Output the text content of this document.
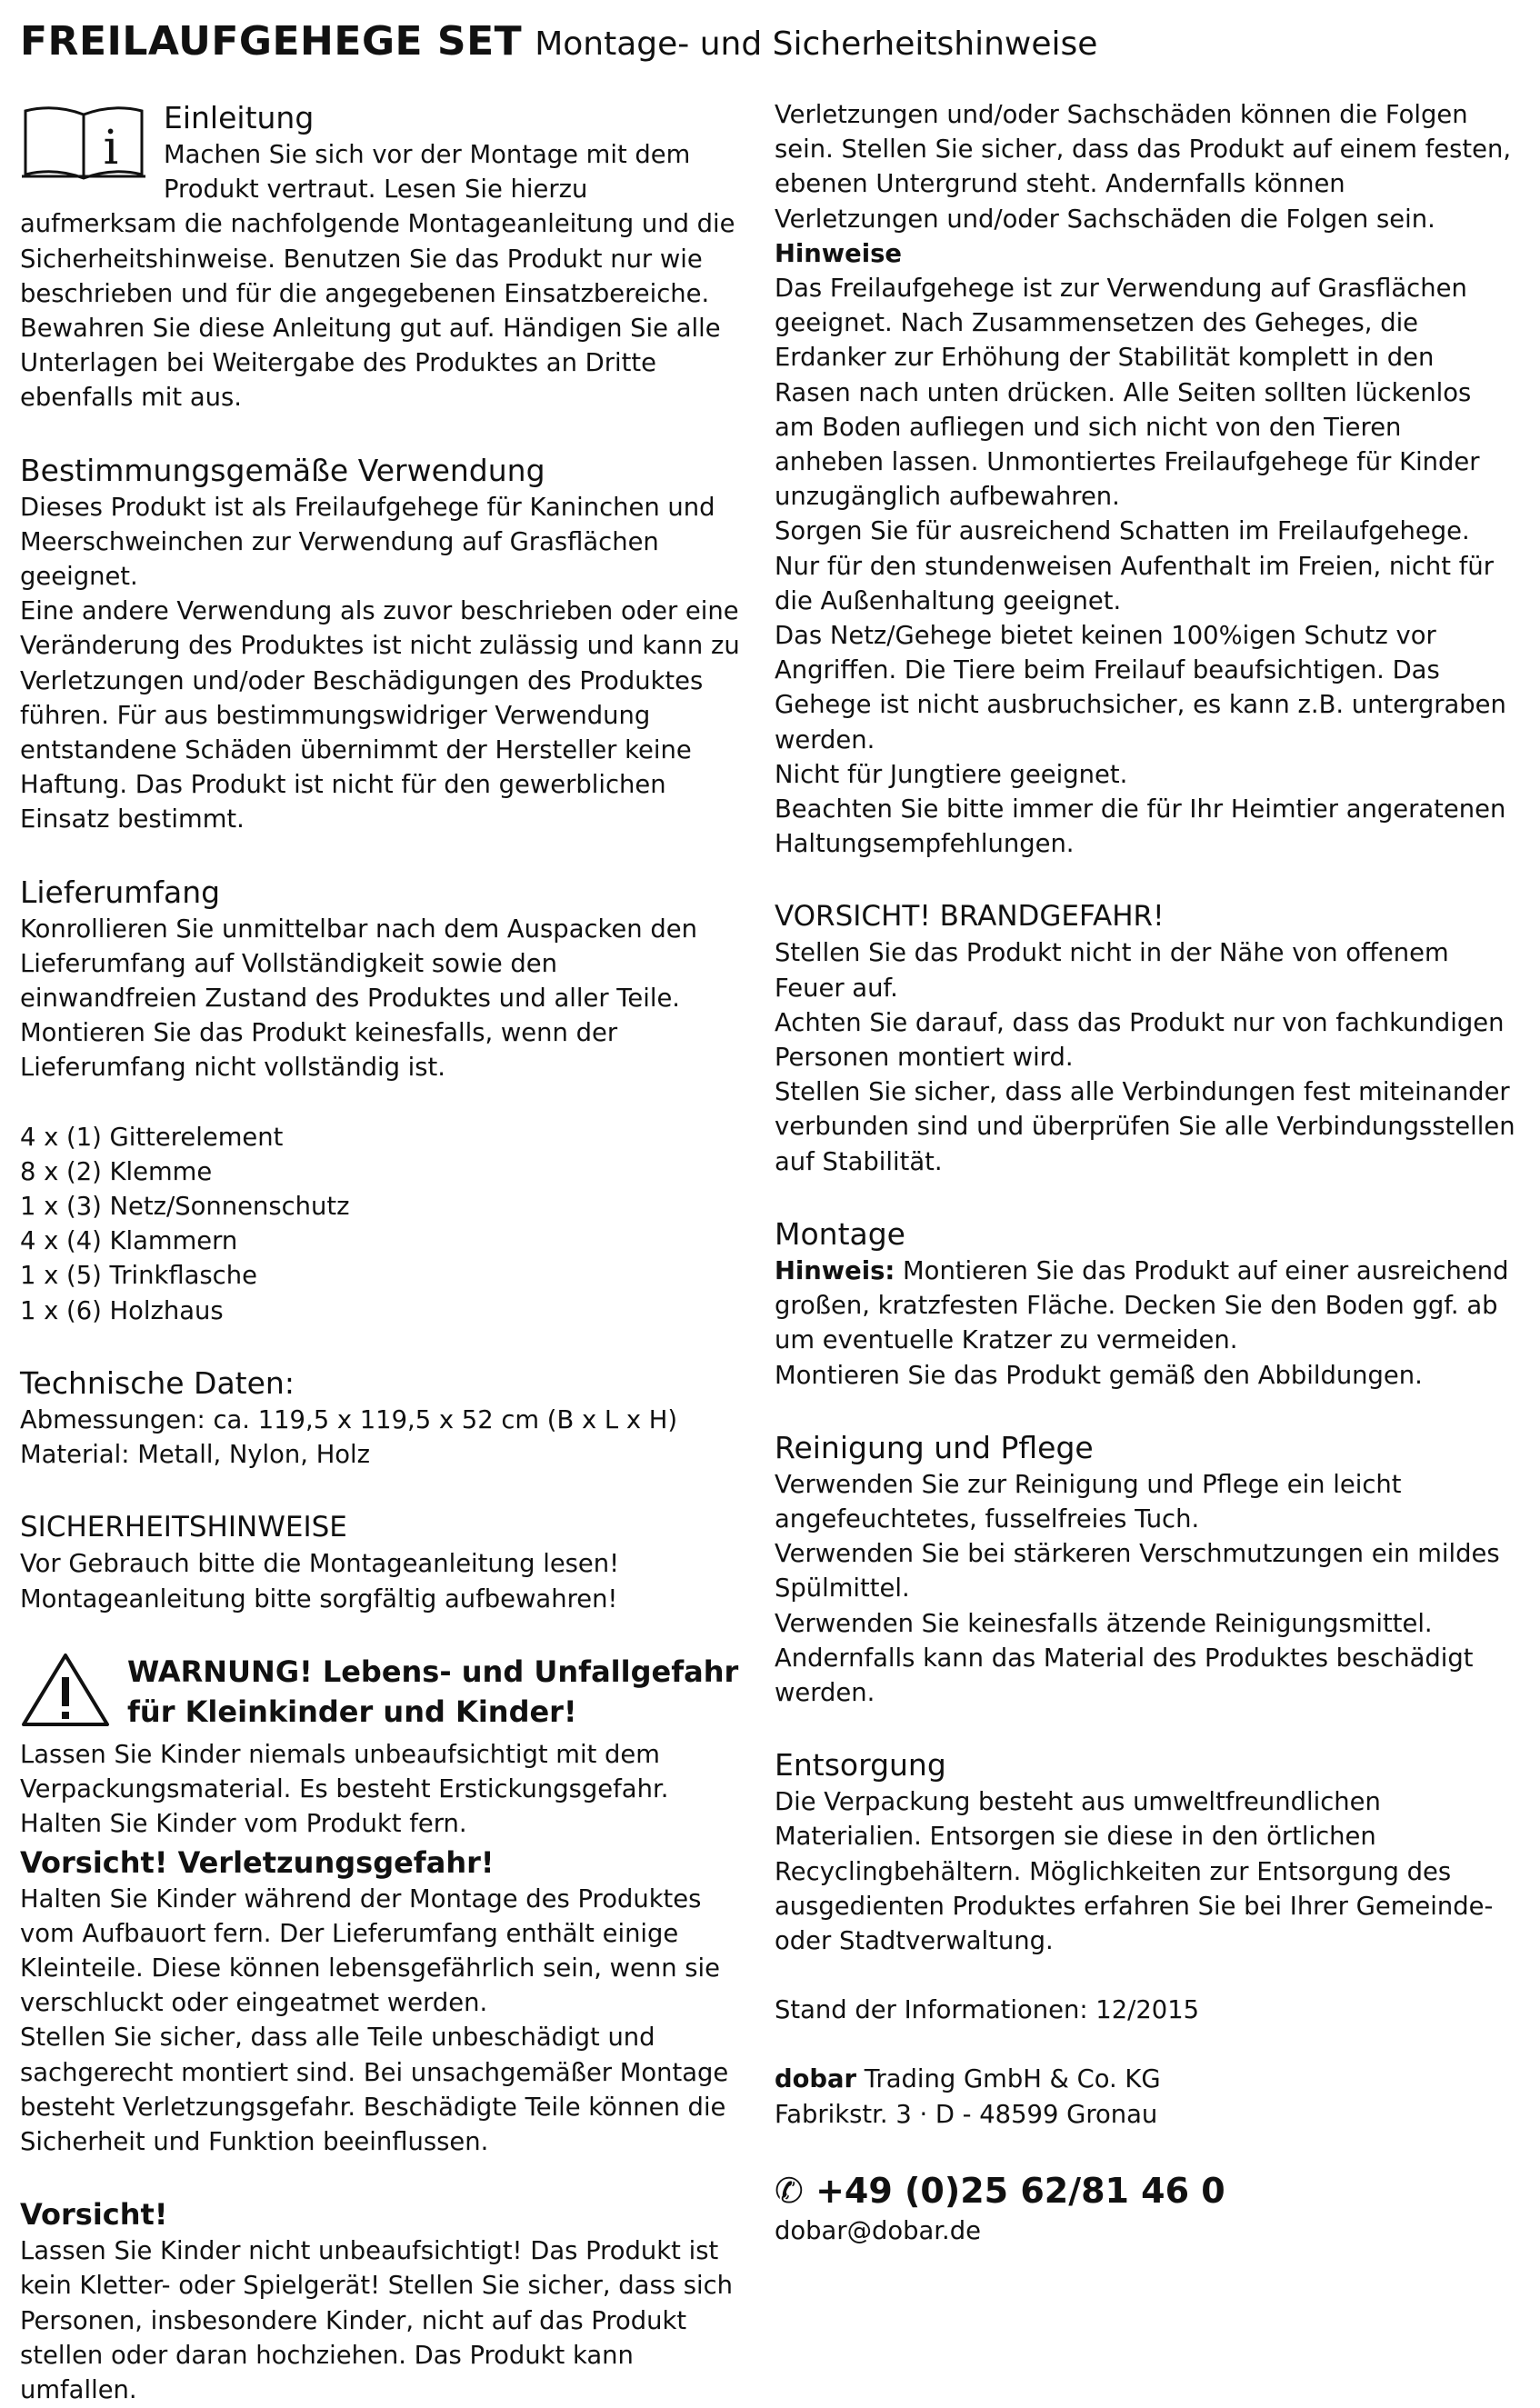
FREILAUFGEHEGE SET Montage- und Sicherheitshinweise
i
Einleitung

Machen Sie sich vor der Montage mit dem Produkt vertraut. Lesen Sie hierzu aufmerksam die nachfolgende Montageanleitung und die Sicherheitshinweise. Benutzen Sie das Produkt nur wie beschrieben und für die angegebenen Einsatzbereiche. Bewahren Sie diese Anleitung gut auf. Händigen Sie alle Unterlagen bei Weitergabe des Produktes an Dritte ebenfalls mit aus.

Bestimmungsgemäße Verwendung

Dieses Produkt ist als Freilaufgehege für Kaninchen und Meerschweinchen zur Verwendung auf Grasflächen geeignet.

Eine andere Verwendung als zuvor beschrieben oder eine Veränderung des Produktes ist nicht zulässig und kann zu Verletzungen und/oder Beschädigungen des Produktes führen. Für aus bestimmungswidriger Verwendung entstandene Schäden übernimmt der Hersteller keine Haftung. Das Produkt ist nicht für den gewerblichen Einsatz bestimmt.

Lieferumfang

Konrollieren Sie unmittelbar nach dem Auspacken den Lieferumfang auf Vollständigkeit sowie den einwandfreien Zustand des Produktes und aller Teile. Montieren Sie das Produkt keinesfalls, wenn der Lieferumfang nicht vollständig ist.

4 x (1) Gitterelement
8 x (2) Klemme
1 x (3) Netz/Sonnenschutz
4 x (4) Klammern
1 x (5) Trinkflasche
1 x (6) Holzhaus
Technische Daten:

Abmessungen: ca. 119,5 x 119,5 x 52 cm (B x L x H)

Material: Metall, Nylon, Holz

SICHERHEITSHINWEISE

Vor Gebrauch bitte die Montageanleitung lesen!

Montageanleitung bitte sorgfältig aufbewahren!

WARNUNG! Lebens- und Unfallgefahr für Kleinkinder und Kinder!

Lassen Sie Kinder niemals unbeaufsichtigt mit dem Verpackungsmaterial. Es besteht Erstickungsgefahr. Halten Sie Kinder vom Produkt fern.

Vorsicht! Verletzungsgefahr!

Halten Sie Kinder während der Montage des Produktes vom Aufbauort fern. Der Lieferumfang enthält einige Kleinteile. Diese können lebensgefährlich sein, wenn sie verschluckt oder eingeatmet werden.

Stellen Sie sicher, dass alle Teile unbeschädigt und sachgerecht montiert sind. Bei unsachgemäßer Montage besteht Verletzungsgefahr. Beschädigte Teile können die Sicherheit und Funktion beeinflussen.

Vorsicht!

Lassen Sie Kinder nicht unbeaufsichtigt! Das Produkt ist kein Kletter- oder Spielgerät! Stellen Sie sicher, dass sich Personen, insbesondere Kinder, nicht auf das Produkt stellen oder daran hochziehen. Das Produkt kann umfallen.

Verletzungen und/oder Sachschäden können die Folgen sein. Stellen Sie sicher, dass das Produkt auf einem festen, ebenen Untergrund steht. Andernfalls können Verletzungen und/oder Sachschäden die Folgen sein.

Hinweise

Das Freilaufgehege ist zur Verwendung auf Grasflächen geeignet. Nach Zusammensetzen des Geheges, die Erdanker zur Erhöhung der Stabilität komplett in den Rasen nach unten drücken. Alle Seiten sollten lückenlos am Boden aufliegen und sich nicht von den Tieren anheben lassen. Unmontiertes Freilaufgehege für Kinder unzugänglich aufbewahren.

Sorgen Sie für ausreichend Schatten im Freilaufgehege.

Nur für den stundenweisen Aufenthalt im Freien, nicht für die Außenhaltung geeignet.

Das Netz/Gehege bietet keinen 100%igen Schutz vor Angriffen. Die Tiere beim Freilauf beaufsichtigen. Das Gehege ist nicht ausbruchsicher, es kann z.B. untergraben werden.

Nicht für Jungtiere geeignet.

Beachten Sie bitte immer die für Ihr Heimtier angeratenen Haltungsempfehlungen.

VORSICHT! BRANDGEFAHR!

Stellen Sie das Produkt nicht in der Nähe von offenem Feuer auf.

Achten Sie darauf, dass das Produkt nur von fachkundigen Personen montiert wird.

Stellen Sie sicher, dass alle Verbindungen fest miteinander verbunden sind und überprüfen Sie alle Verbindungsstellen auf Stabilität.

Montage

Hinweis: Montieren Sie das Produkt auf einer ausreichend großen, kratzfesten Fläche. Decken Sie den Boden ggf. ab um eventuelle Kratzer zu vermeiden.

Montieren Sie das Produkt gemäß den Abbildungen.

Reinigung und Pflege

Verwenden Sie zur Reinigung und Pflege ein leicht angefeuchtetes, fusselfreies Tuch.

Verwenden Sie bei stärkeren Verschmutzungen ein mildes Spülmittel.

Verwenden Sie keinesfalls ätzende Reinigungsmittel. Andernfalls kann das Material des Produktes beschädigt werden.

Entsorgung

Die Verpackung besteht aus umweltfreundlichen Materialien. Entsorgen sie diese in den örtlichen Recyclingbehältern. Möglichkeiten zur Entsorgung des ausgedienten Produktes erfahren Sie bei Ihrer Gemeinde- oder Stadtverwaltung.

Stand der Informationen: 12/2015

dobar Trading GmbH & Co. KG

Fabrikstr. 3 · D - 48599 Gronau

✆ +49 (0)25 62/81 46 0

dobar@dobar.de
